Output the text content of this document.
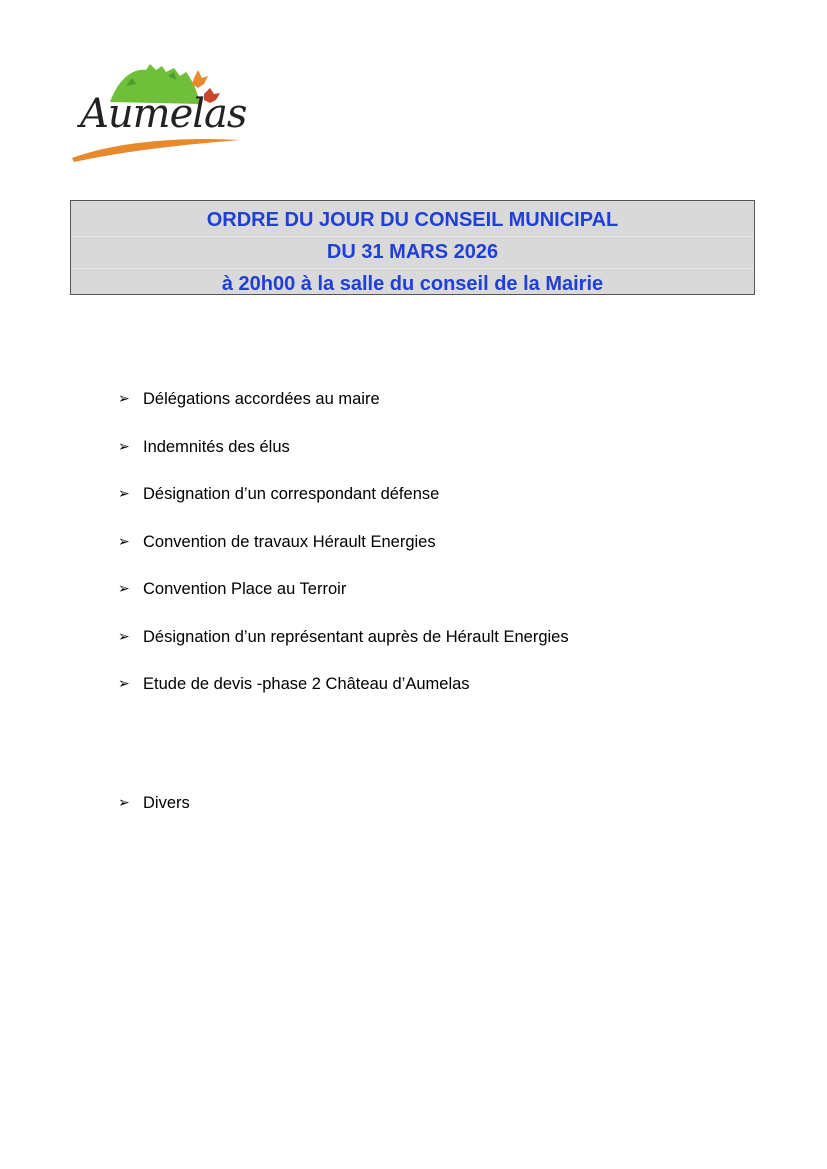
Aumelas
ORDRE DU JOUR DU CONSEIL MUNICIPAL
DU 31 MARS 2026
à 20h00 à la salle du conseil de la Mairie
➢ Délégations accordées au maire
➢ Indemnités des élus
➢ Désignation d’un correspondant défense
➢ Convention de travaux Hérault Energies
➢ Convention Place au Terroir
➢ Désignation d’un représentant auprès de Hérault Energies
➢ Etude de devis -phase 2 Château d’Aumelas
➢ Divers
